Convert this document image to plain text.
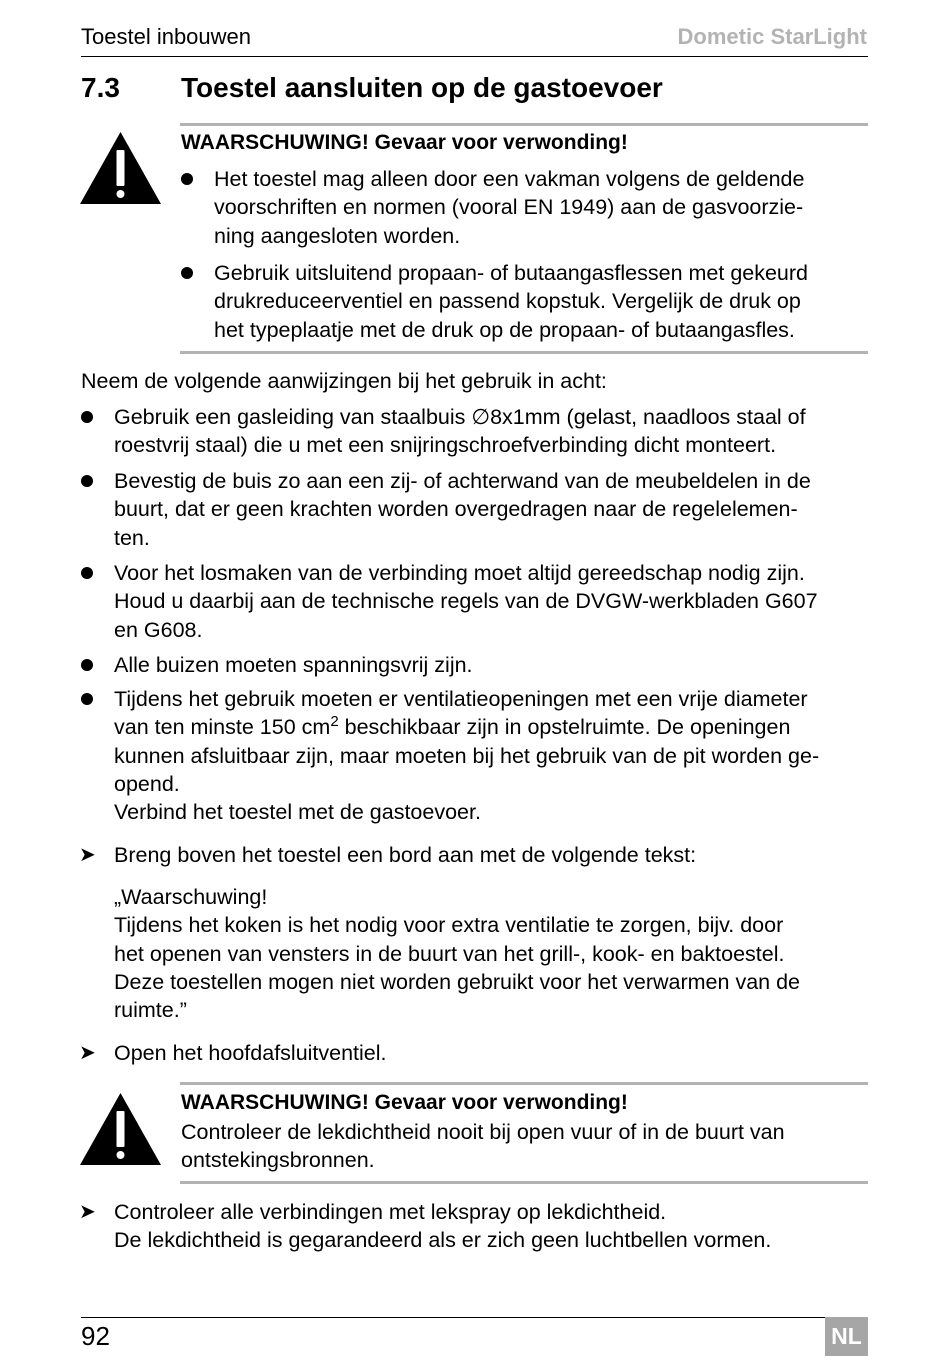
Toestel inbouwen	Dometic StarLight
7.3 Toestel aansluiten op de gastoevoer
WAARSCHUWING! Gevaar voor verwonding!
Het toestel mag alleen door een vakman volgens de geldende
voorschriften en normen (vooral EN 1949) aan de gasvoorzie-
ning aangesloten worden.
Gebruik uitsluitend propaan- of butaangasflessen met gekeurd
drukreduceerventiel en passend kopstuk. Vergelijk de druk op
het typeplaatje met de druk op de propaan- of butaangasfles.
Neem de volgende aanwijzingen bij het gebruik in acht:
Gebruik een gasleiding van staalbuis ∅8x1mm (gelast, naadloos staal of
roestvrij staal) die u met een snijringschroefverbinding dicht monteert.
Bevestig de buis zo aan een zij- of achterwand van de meubeldelen in de
buurt, dat er geen krachten worden overgedragen naar de regelelemen-
ten.
Voor het losmaken van de verbinding moet altijd gereedschap nodig zijn.
Houd u daarbij aan de technische regels van de DVGW-werkbladen G607
en G608.
Alle buizen moeten spanningsvrij zijn.
Tijdens het gebruik moeten er ventilatieopeningen met een vrije diameter
van ten minste 150 $cm^2$ beschikbaar zijn in opstelruimte. De openingen
kunnen afsluitbaar zijn, maar moeten bij het gebruik van de pit worden ge-
opend.
Verbind het toestel met de gastoevoer.
➤ Breng boven het toestel een bord aan met de volgende tekst:
„Waarschuwing!
Tijdens het koken is het nodig voor extra ventilatie te zorgen, bijv. door
het openen van vensters in de buurt van het grill-, kook- en baktoestel.
Deze toestellen mogen niet worden gebruikt voor het verwarmen van de
ruimte.”
➤ Open het hoofdafsluitventiel.
WAARSCHUWING! Gevaar voor verwonding!
Controleer de lekdichtheid nooit bij open vuur of in de buurt van
ontstekingsbronnen.
➤ Controleer alle verbindingen met lekspray op lekdichtheid.
De lekdichtheid is gegarandeerd als er zich geen luchtbellen vormen.
92	NL
